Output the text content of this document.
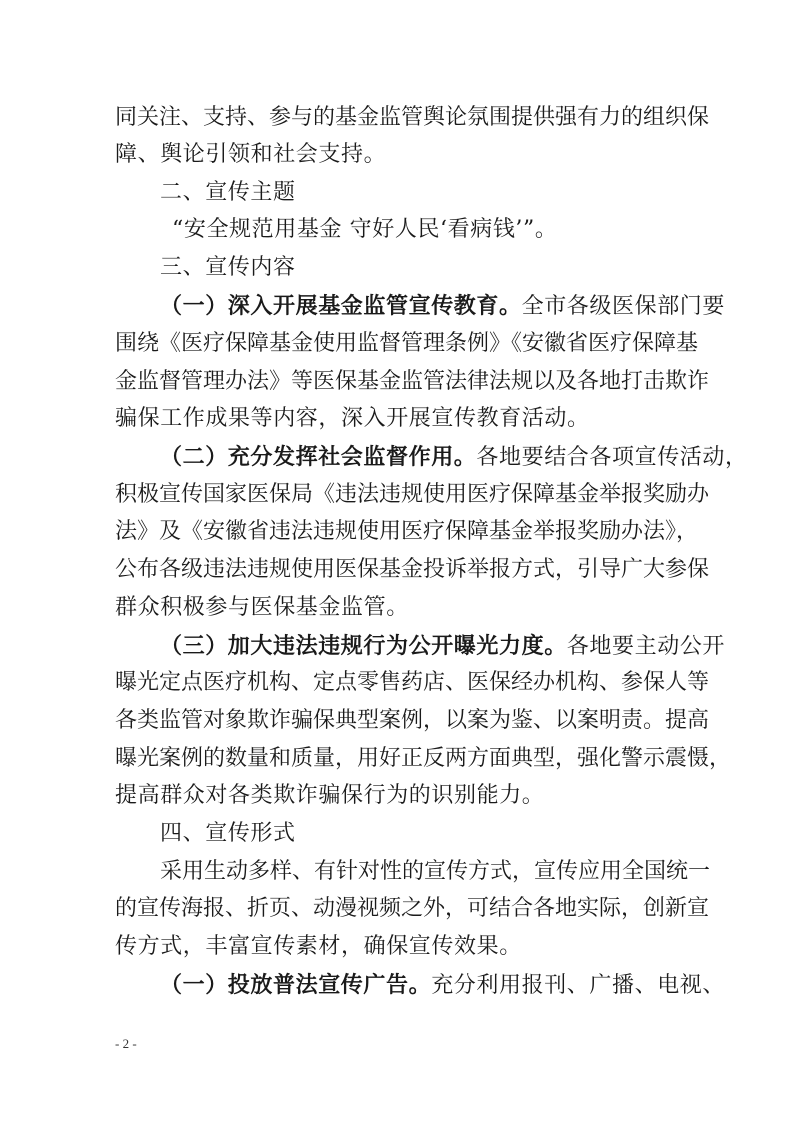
同关注、支持、参与的基金监管舆论氛围提供强有力的组织保
障、舆论引领和社会支持。
二、宣传主题
“安全规范用基金 守好人民‘看病钱’”。
三、宣传内容
（一）深入开展基金监管宣传教育。全市各级医保部门要
围绕《医疗保障基金使用监督管理条例》《安徽省医疗保障基
金监督管理办法》等医保基金监管法律法规以及各地打击欺诈
骗保工作成果等内容，深入开展宣传教育活动。
（二）充分发挥社会监督作用。各地要结合各项宣传活动，
积极宣传国家医保局《违法违规使用医疗保障基金举报奖励办
法》及《安徽省违法违规使用医疗保障基金举报奖励办法》，
公布各级违法违规使用医保基金投诉举报方式，引导广大参保
群众积极参与医保基金监管。
（三）加大违法违规行为公开曝光力度。各地要主动公开
曝光定点医疗机构、定点零售药店、医保经办机构、参保人等
各类监管对象欺诈骗保典型案例，以案为鉴、以案明责。提高
曝光案例的数量和质量，用好正反两方面典型，强化警示震慑，
提高群众对各类欺诈骗保行为的识别能力。
四、宣传形式
采用生动多样、有针对性的宣传方式，宣传应用全国统一
的宣传海报、折页、动漫视频之外，可结合各地实际，创新宣
传方式，丰富宣传素材，确保宣传效果。
（一）投放普法宣传广告。充分利用报刊、广播、电视、
- 2 -
